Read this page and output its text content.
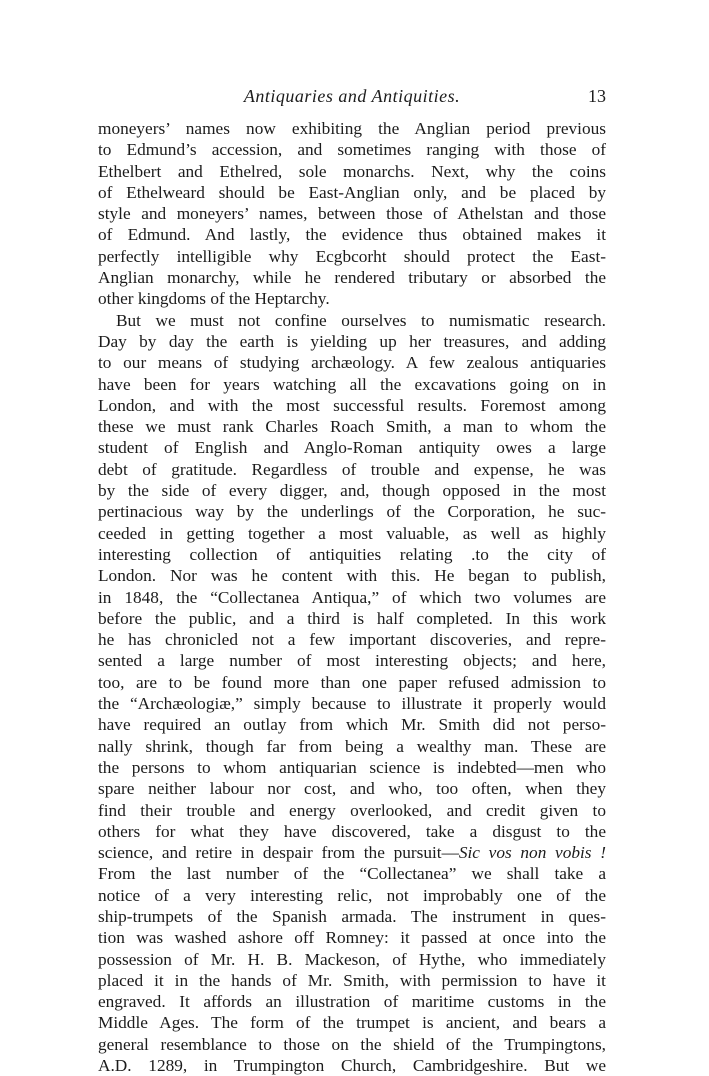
Antiquaries and Antiquities.	13
moneyers’ names now exhibiting the Anglian period previous
to Edmund’s accession, and sometimes ranging with those of
Ethelbert and Ethelred, sole monarchs. Next, why the coins
of Ethelweard should be East-Anglian only, and be placed by
style and moneyers’ names, between those of Athelstan and those
of Edmund. And lastly, the evidence thus obtained makes it
perfectly intelligible why Ecgbcorht should protect the East-
Anglian monarchy, while he rendered tributary or absorbed the
other kingdoms of the Heptarchy.
But we must not confine ourselves to numismatic research.
Day by day the earth is yielding up her treasures, and adding
to our means of studying archæology. A few zealous antiquaries
have been for years watching all the excavations going on in
London, and with the most successful results. Foremost among
these we must rank Charles Roach Smith, a man to whom the
student of English and Anglo-Roman antiquity owes a large
debt of gratitude. Regardless of trouble and expense, he was
by the side of every digger, and, though opposed in the most
pertinacious way by the underlings of the Corporation, he suc-
ceeded in getting together a most valuable, as well as highly
interesting collection of antiquities relating .to the city of
London. Nor was he content with this. He began to publish,
in 1848, the “Collectanea Antiqua,” of which two volumes are
before the public, and a third is half completed. In this work
he has chronicled not a few important discoveries, and repre-
sented a large number of most interesting objects; and here,
too, are to be found more than one paper refused admission to
the “Archæologiæ,” simply because to illustrate it properly would
have required an outlay from which Mr. Smith did not perso-
nally shrink, though far from being a wealthy man. These are
the persons to whom antiquarian science is indebted—men who
spare neither labour nor cost, and who, too often, when they
find their trouble and energy overlooked, and credit given to
others for what they have discovered, take a disgust to the
science, and retire in despair from the pursuit—Sic vos non vobis !
From the last number of the “Collectanea” we shall take a
notice of a very interesting relic, not improbably one of the
ship-trumpets of the Spanish armada. The instrument in ques-
tion was washed ashore off Romney: it passed at once into the
possession of Mr. H. B. Mackeson, of Hythe, who immediately
placed it in the hands of Mr. Smith, with permission to have it
engraved. It affords an illustration of maritime customs in the
Middle Ages. The form of the trumpet is ancient, and bears a
general resemblance to those on the shield of the Trumpingtons,
A.D. 1289, in Trumpington Church, Cambridgeshire. But we
